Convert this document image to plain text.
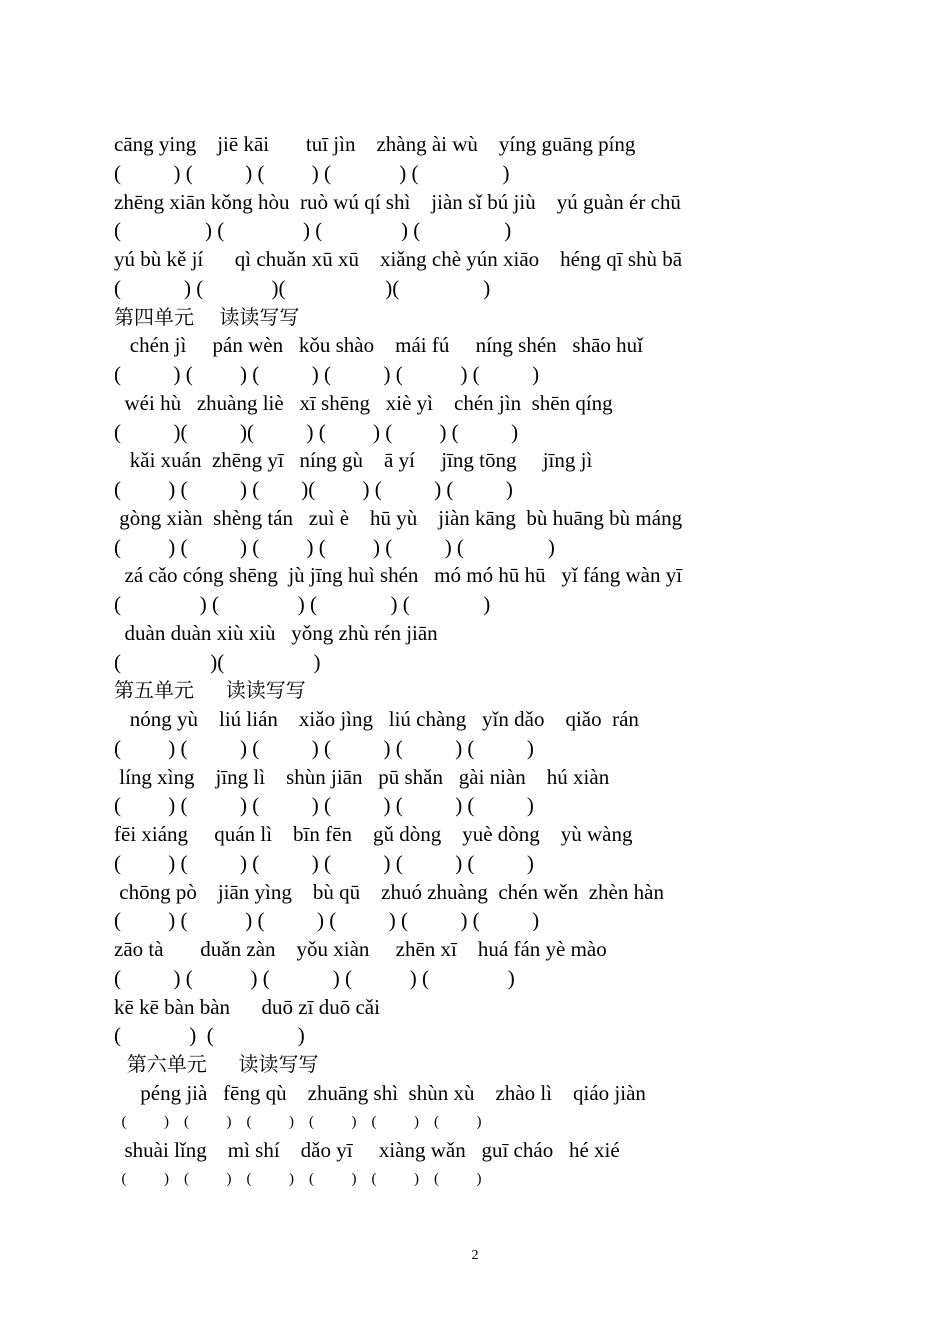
cāng ying    jiē kāi       tuī jìn    zhàng ài wù    yíng guāng píng
(          ) (          ) (         ) (             ) (                )
zhēng xiān kǒng hòu  ruò wú qí shì    jiàn sǐ bú jiù    yú guàn ér chū
(                ) (               ) (               ) (                )
yú bù kě jí      qì chuǎn xū xū    xiǎng chè yún xiāo    héng qī shù bā
(            ) (             )(                   )(                )
第四单元    读读写写
chén jì     pán wèn   kǒu shào    mái fú     níng shén   shāo huǐ
(          ) (         ) (          ) (          ) (           ) (          )
wéi hù   zhuàng liè   xī shēng   xiè yì    chén jìn  shēn qíng
(          )(          )(          ) (         ) (         ) (          )
kǎi xuán  zhēng yī   níng gù    ā yí     jīng tōng     jīng jì
(         ) (          ) (        )(         ) (          ) (          )
gòng xiàn  shèng tán   zuì è    hū yù    jiàn kāng  bù huāng bù máng
(         ) (          ) (         ) (         ) (          ) (                )
zá cǎo cóng shēng  jù jīng huì shén   mó mó hū hū   yǐ fáng wàn yī
(               ) (               ) (              ) (              )
duàn duàn xiù xiù   yǒng zhù rén jiān
(                 )(                 )
第五单元     读读写写
nóng yù    liú lián    xiǎo jìng   liú chàng   yǐn dǎo    qiǎo  rán
(         ) (          ) (          ) (          ) (          ) (          )
líng xìng    jīng lì    shùn jiān   pū shǎn   gài niàn    hú xiàn
(         ) (          ) (          ) (          ) (          ) (          )
fēi xiáng     quán lì    bīn fēn    gǔ dòng    yuè dòng    yù wàng
(         ) (          ) (          ) (          ) (          ) (          )
chōng pò    jiān yìng    bù qū    zhuó zhuàng  chén wěn  zhèn hàn
(         ) (           ) (          ) (          ) (          ) (          )
zāo tà       duǎn zàn    yǒu xiàn     zhēn xī    huá fán yè mào
(          ) (           ) (            ) (           ) (               )
kē kē bàn bàn      duō zī duō cǎi
(             )  (                )
第六单元     读读写写
péng jià   fēng qù    zhuāng shì  shùn xù    zhào lì    qiáo jiàn
(          )    (          )    (          )    (          )    (          )    (          )
shuài lǐng    mì shí    dǎo yī     xiàng wǎn   guī cháo   hé xié
(          )    (          )    (          )    (          )    (          )    (          )
2
